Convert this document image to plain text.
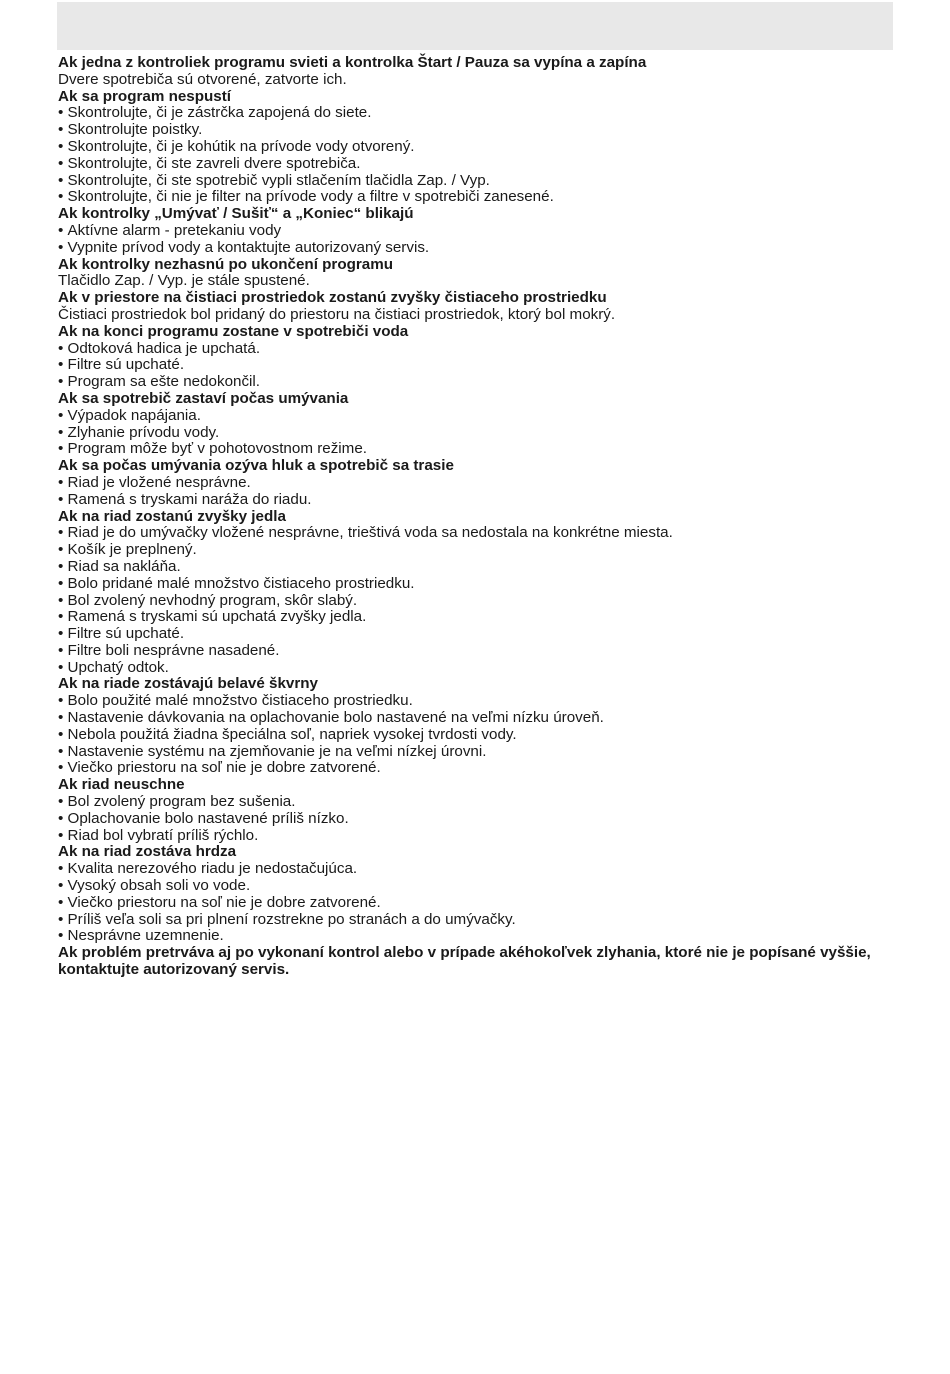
Ak jedna z kontroliek programu svieti a kontrolka Štart / Pauza sa vypína a zapína

Dvere spotrebiča sú otvorené, zatvorte ich.

Ak sa program nespustí

• Skontrolujte, či je zástrčka zapojená do siete.
• Skontrolujte poistky.
• Skontrolujte, či je kohútik na prívode vody otvorený.
• Skontrolujte, či ste zavreli dvere spotrebiča.
• Skontrolujte, či ste spotrebič vypli stlačením tlačidla Zap. / Vyp.
• Skontrolujte, či nie je filter na prívode vody a filtre v spotrebiči zanesené.

Ak kontrolky „Umývať / Sušiť“ a „Koniec“ blikajú

• Aktívne alarm - pretekaniu vody
• Vypnite prívod vody a kontaktujte autorizovaný servis.

Ak kontrolky nezhasnú po ukončení programu

Tlačidlo Zap. / Vyp. je stále spustené.

Ak v priestore na čistiaci prostriedok zostanú zvyšky čistiaceho prostriedku

Čistiaci prostriedok bol pridaný do priestoru na čistiaci prostriedok, ktorý bol mokrý.

Ak na konci programu zostane v spotrebiči voda

• Odtoková hadica je upchatá.
• Filtre sú upchaté.
• Program sa ešte nedokončil.

Ak sa spotrebič zastaví počas umývania

• Výpadok napájania.
• Zlyhanie prívodu vody.
• Program môže byť v pohotovostnom režime.

Ak sa počas umývania ozýva hluk a spotrebič sa trasie

• Riad je vložené nesprávne.
• Ramená s tryskami naráža do riadu.

Ak na riad zostanú zvyšky jedla

• Riad je do umývačky vložené nesprávne, trieštivá voda sa nedostala na konkrétne miesta.
• Košík je preplnený.
• Riad sa nakláňa.
• Bolo pridané malé množstvo čistiaceho prostriedku.
• Bol zvolený nevhodný program, skôr slabý.
• Ramená s tryskami sú upchatá zvyšky jedla.
• Filtre sú upchaté.
• Filtre boli nesprávne nasadené.
• Upchatý odtok.

Ak na riade zostávajú belavé škvrny

• Bolo použité malé množstvo čistiaceho prostriedku.
• Nastavenie dávkovania na oplachovanie bolo nastavené na veľmi nízku úroveň.
• Nebola použitá žiadna špeciálna soľ, napriek vysokej tvrdosti vody.
• Nastavenie systému na zjemňovanie je na veľmi nízkej úrovni.
• Viečko priestoru na soľ nie je dobre zatvorené.

Ak riad neuschne

• Bol zvolený program bez sušenia.
• Oplachovanie bolo nastavené príliš nízko.
• Riad bol vybratí príliš rýchlo.

Ak na riad zostáva hrdza

• Kvalita nerezového riadu je nedostačujúca.
• Vysoký obsah soli vo vode.
• Viečko priestoru na soľ nie je dobre zatvorené.
• Príliš veľa soli sa pri plnení rozstrekne po stranách a do umývačky.
• Nesprávne uzemnenie.

Ak problém pretrváva aj po vykonaní kontrol alebo v prípade akéhokoľvek zlyhania, ktoré nie je popísané vyššie, kontaktujte autorizovaný servis.
